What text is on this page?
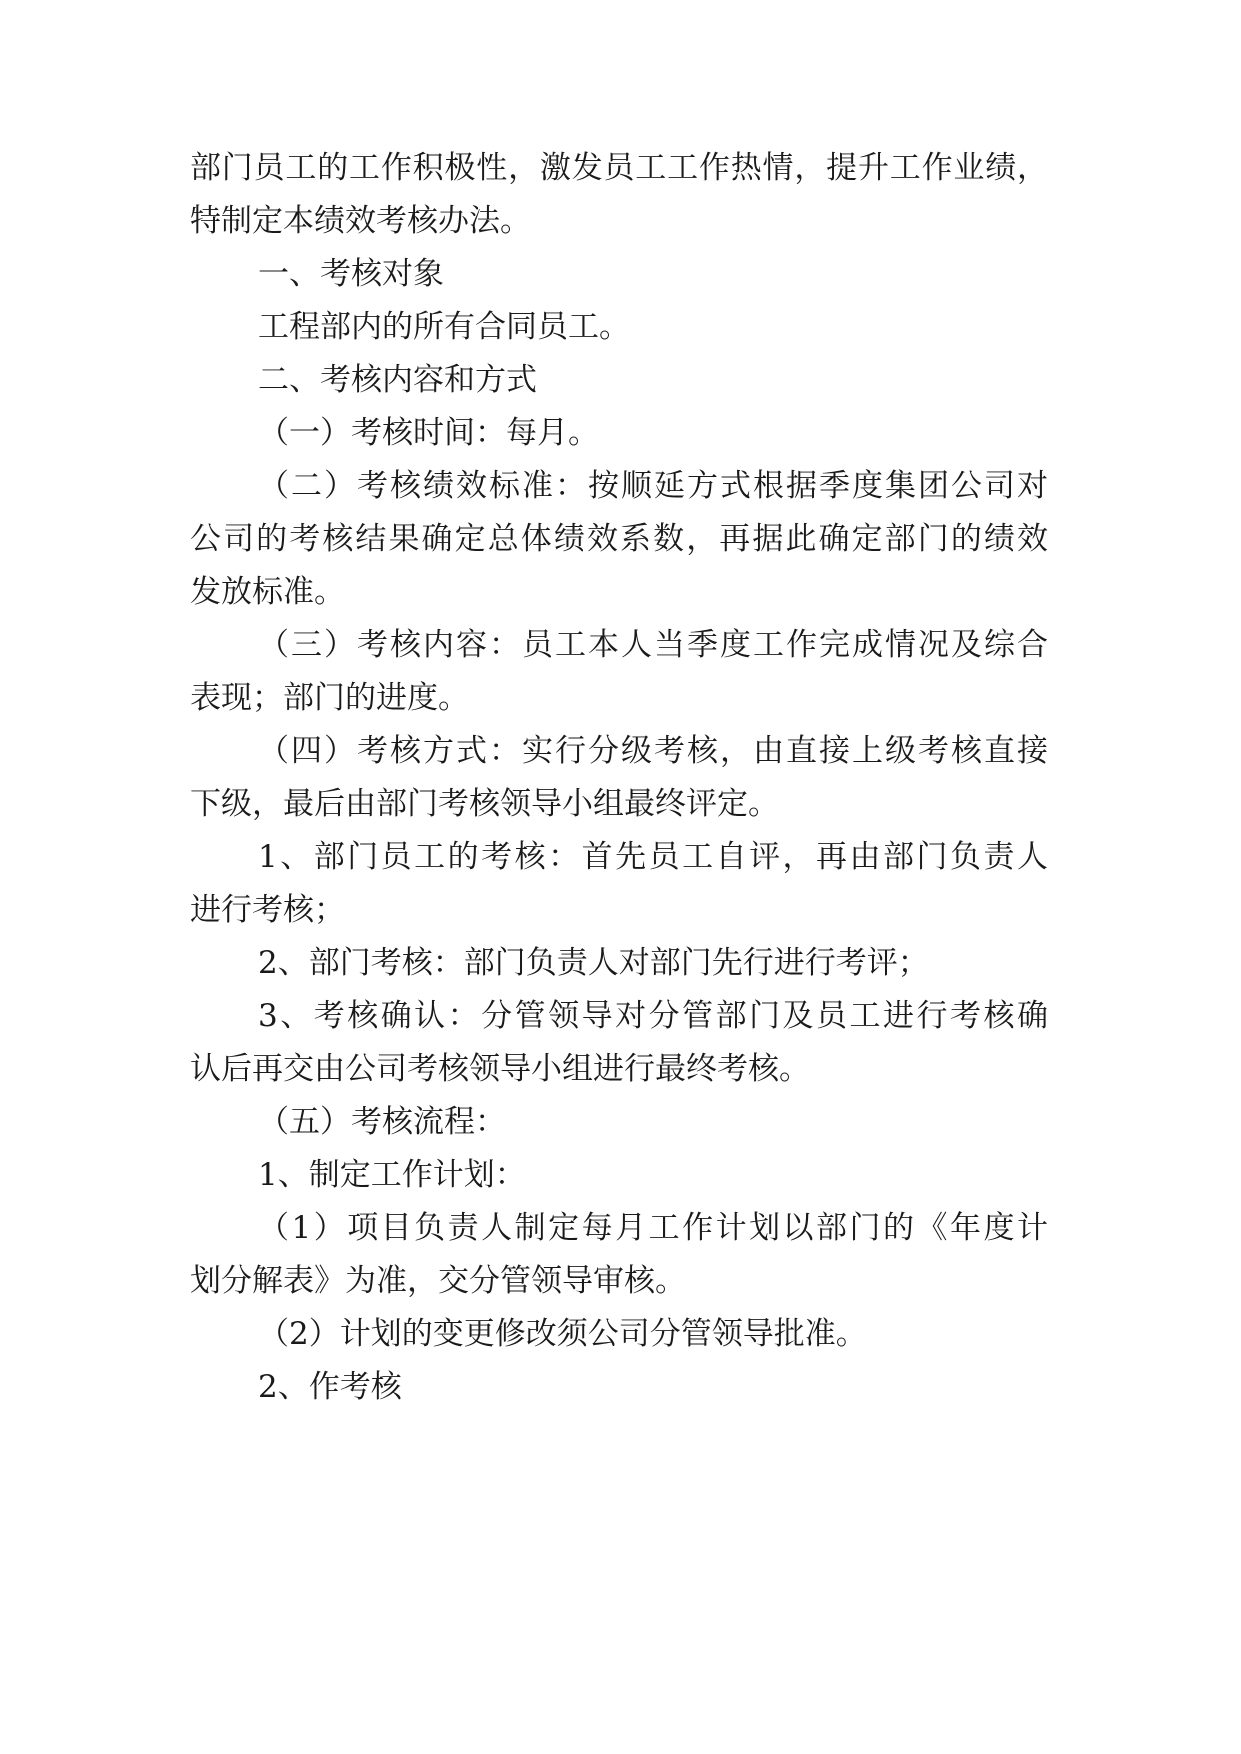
部门员工的工作积极性，激发员工工作热情，提升工作业绩，
特制定本绩效考核办法。
一、考核对象
工程部内的所有合同员工。
二、考核内容和方式
（一）考核时间：每月。
（二）考核绩效标准：按顺延方式根据季度集团公司对
公司的考核结果确定总体绩效系数，再据此确定部门的绩效
发放标准。
（三）考核内容：员工本人当季度工作完成情况及综合
表现；部门的进度。
（四）考核方式：实行分级考核，由直接上级考核直接
下级，最后由部门考核领导小组最终评定。
1、部门员工的考核：首先员工自评，再由部门负责人
进行考核；
2、部门考核：部门负责人对部门先行进行考评；
3、考核确认：分管领导对分管部门及员工进行考核确
认后再交由公司考核领导小组进行最终考核。
（五）考核流程：
1、制定工作计划：
（1）项目负责人制定每月工作计划以部门的《年度计
划分解表》为准，交分管领导审核。
（2）计划的变更修改须公司分管领导批准。
2、作考核
